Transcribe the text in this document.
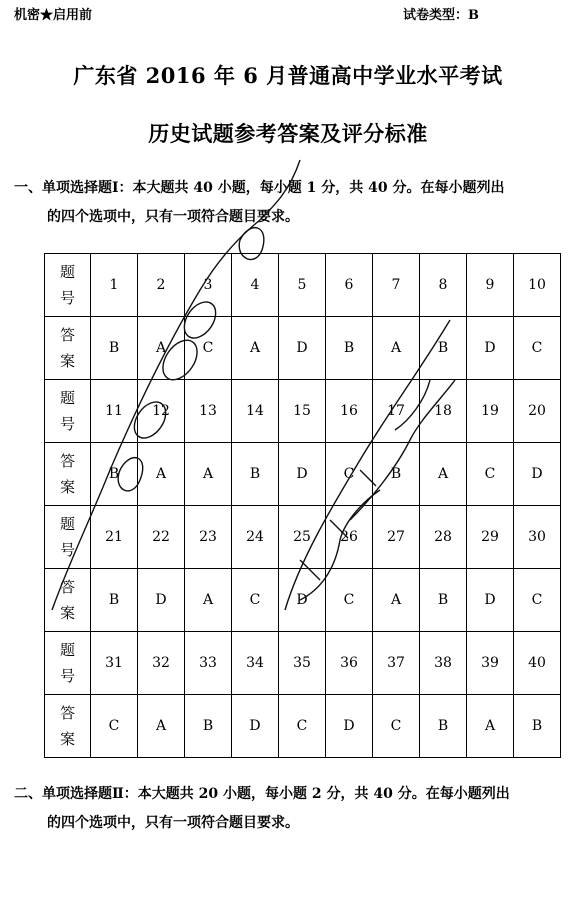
机密★启用前	试卷类型：B
广东省 2016 年 6 月普通高中学业水平考试
历史试题参考答案及评分标准
一、单项选择题Ⅰ：本大题共 40 小题，每小题 1 分，共 40 分。在每小题列出
的四个选项中，只有一项符合题目要求。
题
号	1	2	3	4	5	6	7	8	9	10
答
案	B	A	C	A	D	B	A	B	D	C
题
号	11	12	13	14	15	16	17	18	19	20
答
案	B	A	A	B	D	C	B	A	C	D
题
号	21	22	23	24	25	26	27	28	29	30
答
案	B	D	A	C	D	C	A	B	D	C
题
号	31	32	33	34	35	36	37	38	39	40
答
案	C	A	B	D	C	D	C	B	A	B
二、单项选择题Ⅱ：本大题共 20 小题，每小题 2 分，共 40 分。在每小题列出
的四个选项中，只有一项符合题目要求。
